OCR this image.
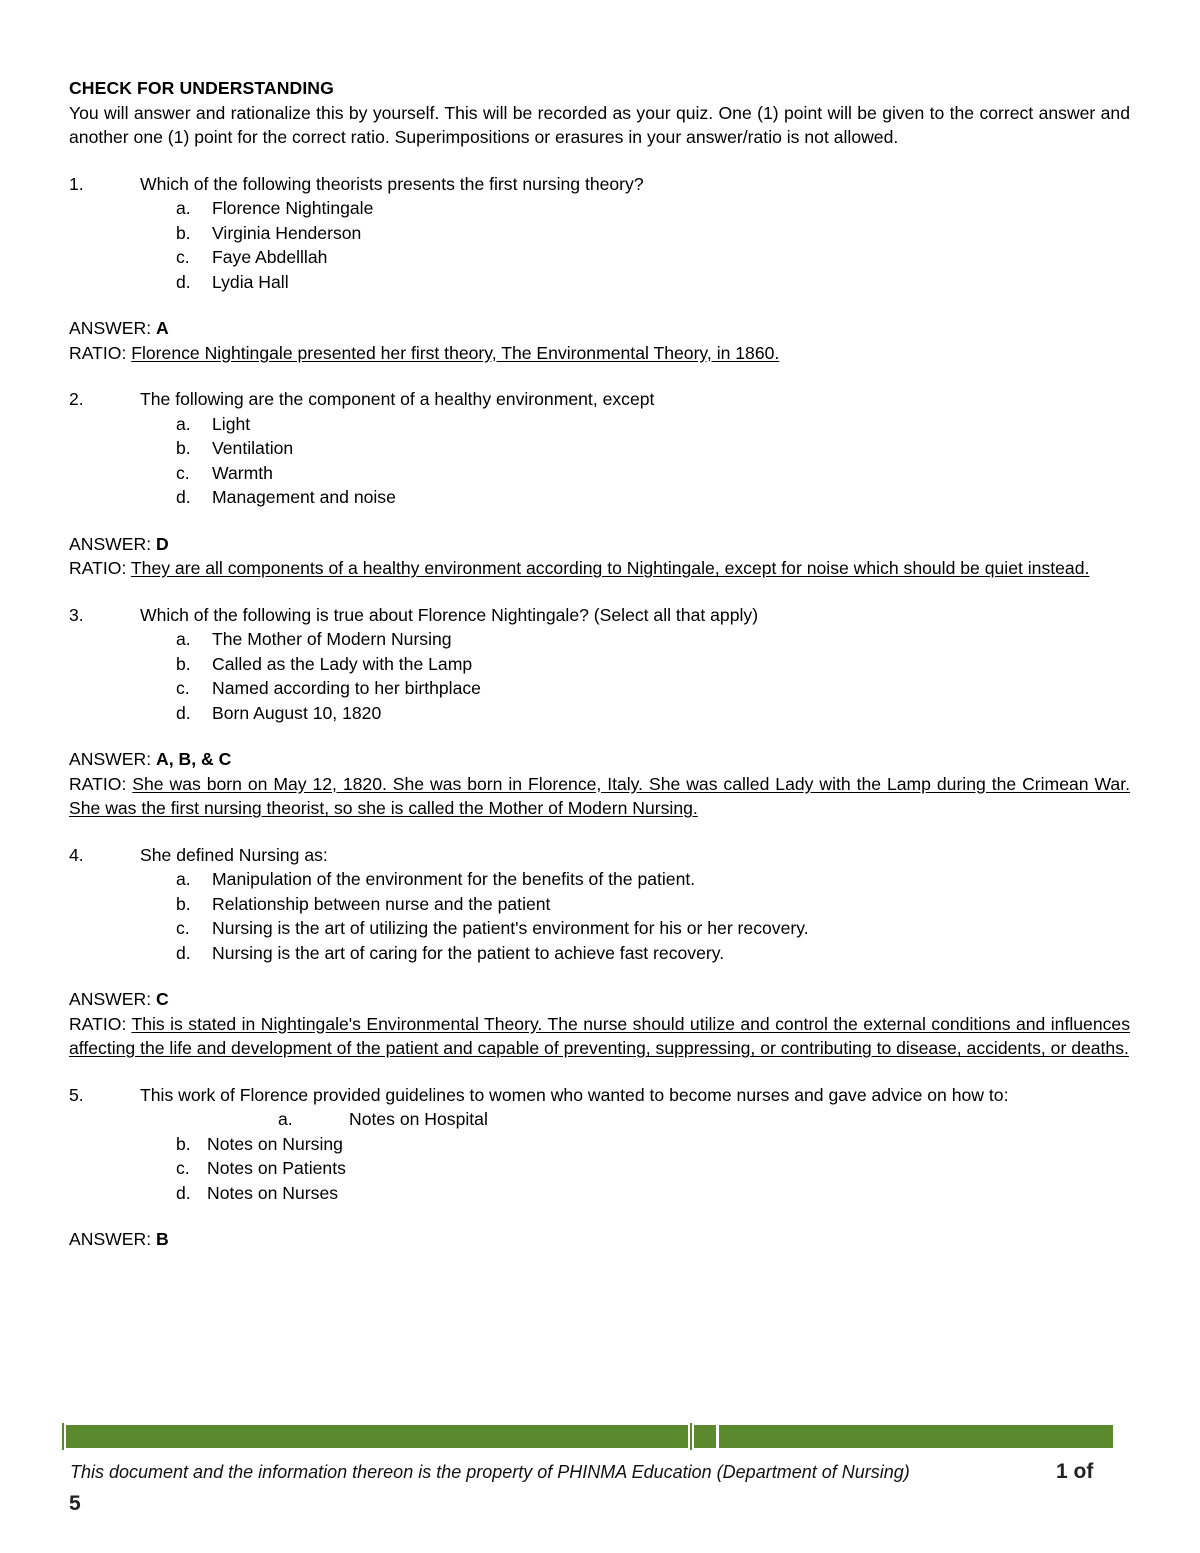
CHECK FOR UNDERSTANDING
You will answer and rationalize this by yourself. This will be recorded as your quiz. One (1) point will be given to the correct answer and another one (1) point for the correct ratio. Superimpositions or erasures in your answer/ratio is not allowed.
1.	Which of the following theorists presents the first nursing theory?
a. Florence Nightingale
b. Virginia Henderson
c. Faye Abdelllah
d. Lydia Hall
ANSWER: A
RATIO: Florence Nightingale presented her first theory, The Environmental Theory, in 1860.
2.	The following are the component of a healthy environment, except
a. Light
b. Ventilation
c. Warmth
d. Management and noise
ANSWER: D
RATIO: They are all components of a healthy environment according to Nightingale, except for noise which should be quiet instead.
3.	Which of the following is true about Florence Nightingale? (Select all that apply)
a. The Mother of Modern Nursing
b. Called as the Lady with the Lamp
c. Named according to her birthplace
d. Born August 10, 1820
ANSWER: A, B, & C
RATIO: She was born on May 12, 1820. She was born in Florence, Italy. She was called Lady with the Lamp during the Crimean War. She was the first nursing theorist, so she is called the Mother of Modern Nursing.
4.	She defined Nursing as:
a. Manipulation of the environment for the benefits of the patient.
b. Relationship between nurse and the patient
c. Nursing is the art of utilizing the patient's environment for his or her recovery.
d. Nursing is the art of caring for the patient to achieve fast recovery.
ANSWER: C
RATIO: This is stated in Nightingale's Environmental Theory. The nurse should utilize and control the external conditions and influences affecting the life and development of the patient and capable of preventing, suppressing, or contributing to disease, accidents, or deaths.
5.	This work of Florence provided guidelines to women who wanted to become nurses and gave advice on how to:
a.	Notes on Hospital
b. Notes on Nursing
c. Notes on Patients
d. Notes on Nurses
ANSWER: B
This document and the information thereon is the property of PHINMA Education (Department of Nursing)	1 of
5
